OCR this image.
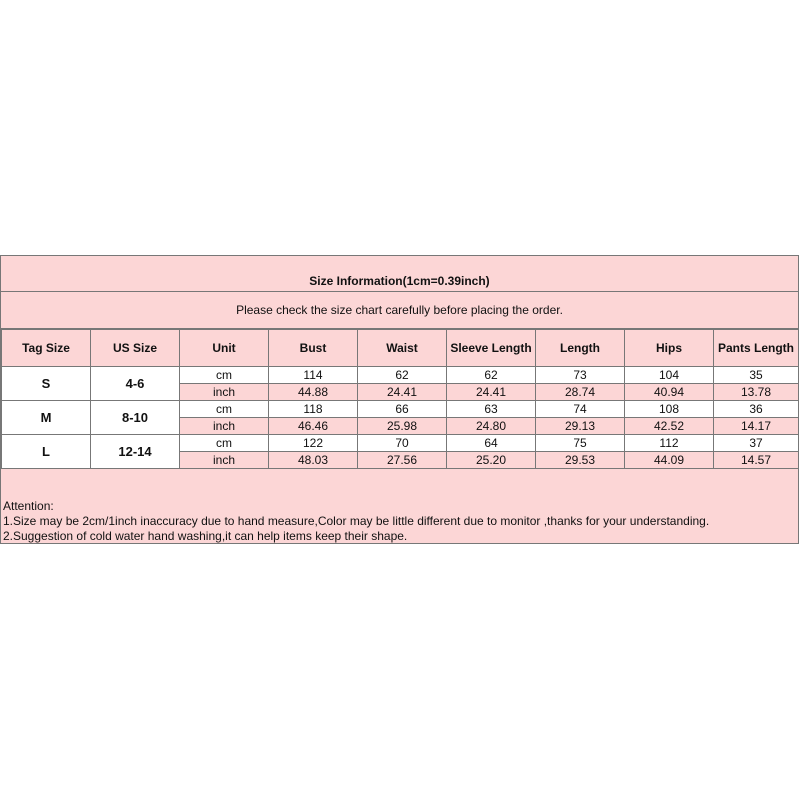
Size Information(1cm=0.39inch)
Please check the size chart carefully before placing the order.
Tag Size	US Size	Unit	Bust	Waist	Sleeve Length	Length	Hips	Pants Length
S	4-6	cm	114	62	62	73	104	35
		inch	44.88	24.41	24.41	28.74	40.94	13.78
M	8-10	cm	118	66	63	74	108	36
		inch	46.46	25.98	24.80	29.13	42.52	14.17
L	12-14	cm	122	70	64	75	112	37
		inch	48.03	27.56	25.20	29.53	44.09	14.57
Attention:
1.Size may be 2cm/1inch inaccuracy due to hand measure,Color may be little different due to monitor ,thanks for your understanding.
2.Suggestion of cold water hand washing,it can help items keep their shape.
